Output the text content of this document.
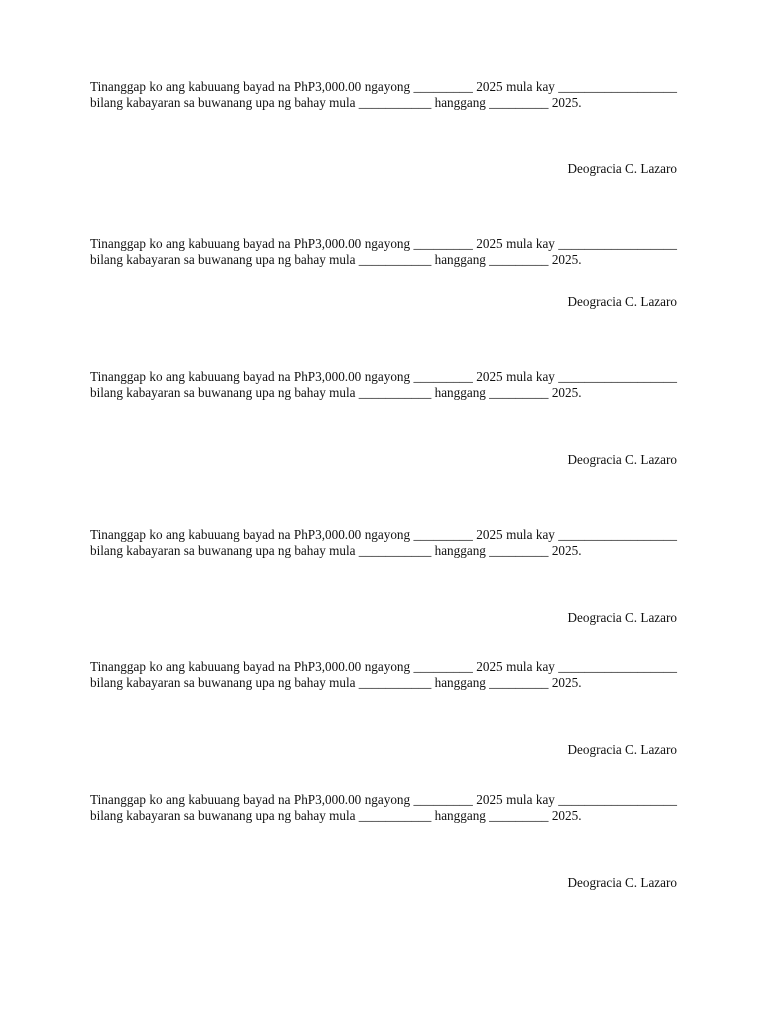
Tinanggap ko ang kabuuang bayad na PhP3,000.00 ngayong _________ 2025 mula kay __________________ bilang kabayaran sa buwanang upa ng bahay mula ___________ hanggang _________ 2025.

Deogracia C. Lazaro

Tinanggap ko ang kabuuang bayad na PhP3,000.00 ngayong _________ 2025 mula kay __________________ bilang kabayaran sa buwanang upa ng bahay mula ___________ hanggang _________ 2025.

Deogracia C. Lazaro

Tinanggap ko ang kabuuang bayad na PhP3,000.00 ngayong _________ 2025 mula kay __________________ bilang kabayaran sa buwanang upa ng bahay mula ___________ hanggang _________ 2025.

Deogracia C. Lazaro

Tinanggap ko ang kabuuang bayad na PhP3,000.00 ngayong _________ 2025 mula kay __________________ bilang kabayaran sa buwanang upa ng bahay mula ___________ hanggang _________ 2025.

Deogracia C. Lazaro

Tinanggap ko ang kabuuang bayad na PhP3,000.00 ngayong _________ 2025 mula kay __________________ bilang kabayaran sa buwanang upa ng bahay mula ___________ hanggang _________ 2025.

Deogracia C. Lazaro

Tinanggap ko ang kabuuang bayad na PhP3,000.00 ngayong _________ 2025 mula kay __________________ bilang kabayaran sa buwanang upa ng bahay mula ___________ hanggang _________ 2025.

Deogracia C. Lazaro
